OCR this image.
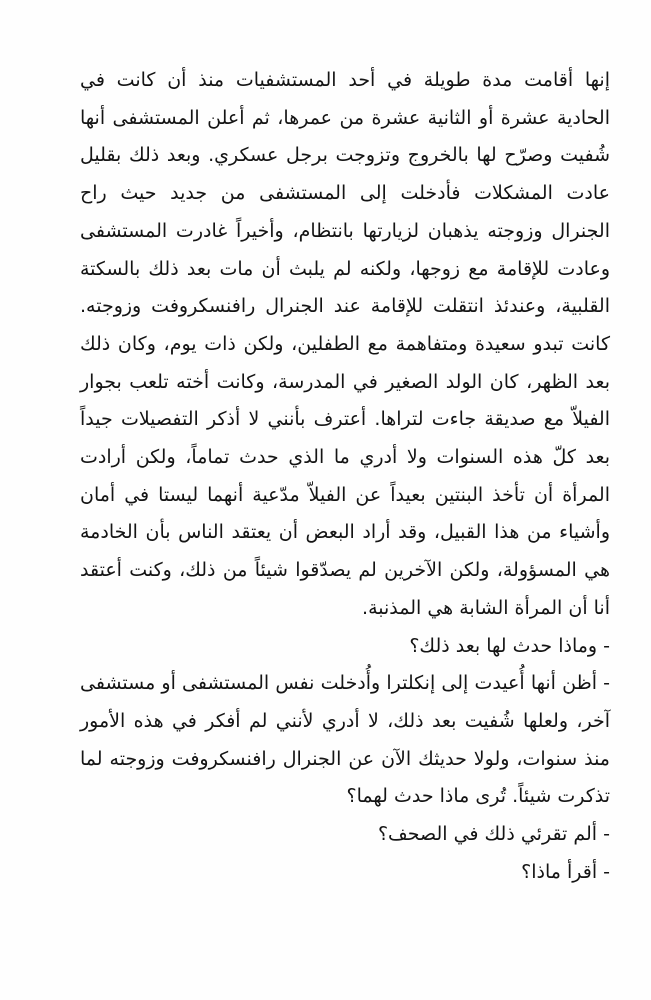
إنها أقامت مدة طويلة في أحد المستشفيات منذ أن كانت في الحادية عشرة أو الثانية عشرة من عمرها، ثم أعلن المستشفى أنها شُفيت وصرّح لها بالخروج وتزوجت برجل عسكري. وبعد ذلك بقليل عادت المشكلات فأدخلت إلى المستشفى من جديد حيث راح الجنرال وزوجته يذهبان لزيارتها بانتظام، وأخيراً غادرت المستشفى وعادت للإقامة مع زوجها، ولكنه لم يلبث أن مات بعد ذلك بالسكتة القلبية، وعندئذ انتقلت للإقامة عند الجنرال رافنسكروفت وزوجته. كانت تبدو سعيدة ومتفاهمة مع الطفلين، ولكن ذات يوم، وكان ذلك بعد الظهر، كان الولد الصغير في المدرسة، وكانت أخته تلعب بجوار الفيلاّ مع صديقة جاءت لتراها. أعترف بأنني لا أذكر التفصيلات جيداً بعد كلّ هذه السنوات ولا أدري ما الذي حدث تماماً، ولكن أرادت المرأة أن تأخذ البنتين بعيداً عن الفيلاّ مدّعية أنهما ليستا في أمان وأشياء من هذا القبيل، وقد أراد البعض أن يعتقد الناس بأن الخادمة هي المسؤولة، ولكن الآخرين لم يصدّقوا شيئاً من ذلك، وكنت أعتقد أنا أن المرأة الشابة هي المذنبة.

- وماذا حدث لها بعد ذلك؟

- أظن أنها أُعيدت إلى إنكلترا وأُدخلت نفس المستشفى أو مستشفى آخر، ولعلها شُفيت بعد ذلك، لا أدري لأنني لم أفكر في هذه الأمور منذ سنوات، ولولا حديثك الآن عن الجنرال رافنسكروفت وزوجته لما تذكرت شيئاً. تُرى ماذا حدث لهما؟

- ألم تقرئي ذلك في الصحف؟

- أقرأ ماذا؟
